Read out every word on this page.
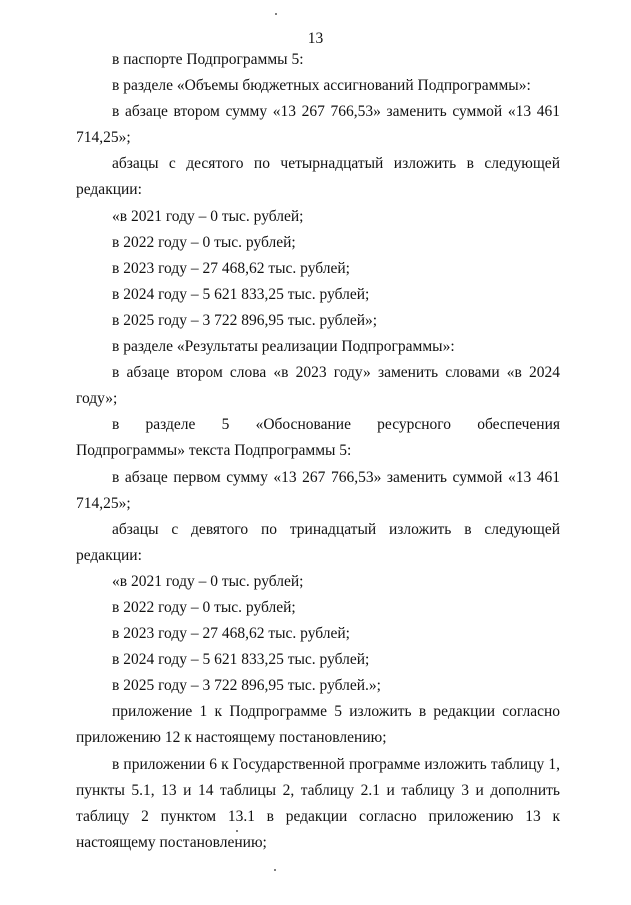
13

в паспорте Подпрограммы 5:

в разделе «Объемы бюджетных ассигнований Подпрограммы»:

в абзаце втором сумму «13 267 766,53» заменить суммой «13 461 714,25»;

абзацы с десятого по четырнадцатый изложить в следующей редакции:

«в 2021 году – 0 тыс. рублей;

в 2022 году – 0 тыс. рублей;

в 2023 году – 27 468,62 тыс. рублей;

в 2024 году – 5 621 833,25 тыс. рублей;

в 2025 году – 3 722 896,95 тыс. рублей»;

в разделе «Результаты реализации Подпрограммы»:

в абзаце втором слова «в 2023 году» заменить словами «в 2024 году»;

в разделе 5 «Обоснование ресурсного обеспечения Подпрограммы» текста Подпрограммы 5:

в абзаце первом сумму «13 267 766,53» заменить суммой «13 461 714,25»;

абзацы с девятого по тринадцатый изложить в следующей редакции:

«в 2021 году – 0 тыс. рублей;

в 2022 году – 0 тыс. рублей;

в 2023 году – 27 468,62 тыс. рублей;

в 2024 году – 5 621 833,25 тыс. рублей;

в 2025 году – 3 722 896,95 тыс. рублей.»;

приложение 1 к Подпрограмме 5 изложить в редакции согласно приложению 12 к настоящему постановлению;

в приложении 6 к Государственной программе изложить таблицу 1, пункты 5.1, 13 и 14 таблицы 2, таблицу 2.1 и таблицу 3 и дополнить таблицу 2 пунктом 13.1 в редакции согласно приложению 13 к настоящему постановлению;
